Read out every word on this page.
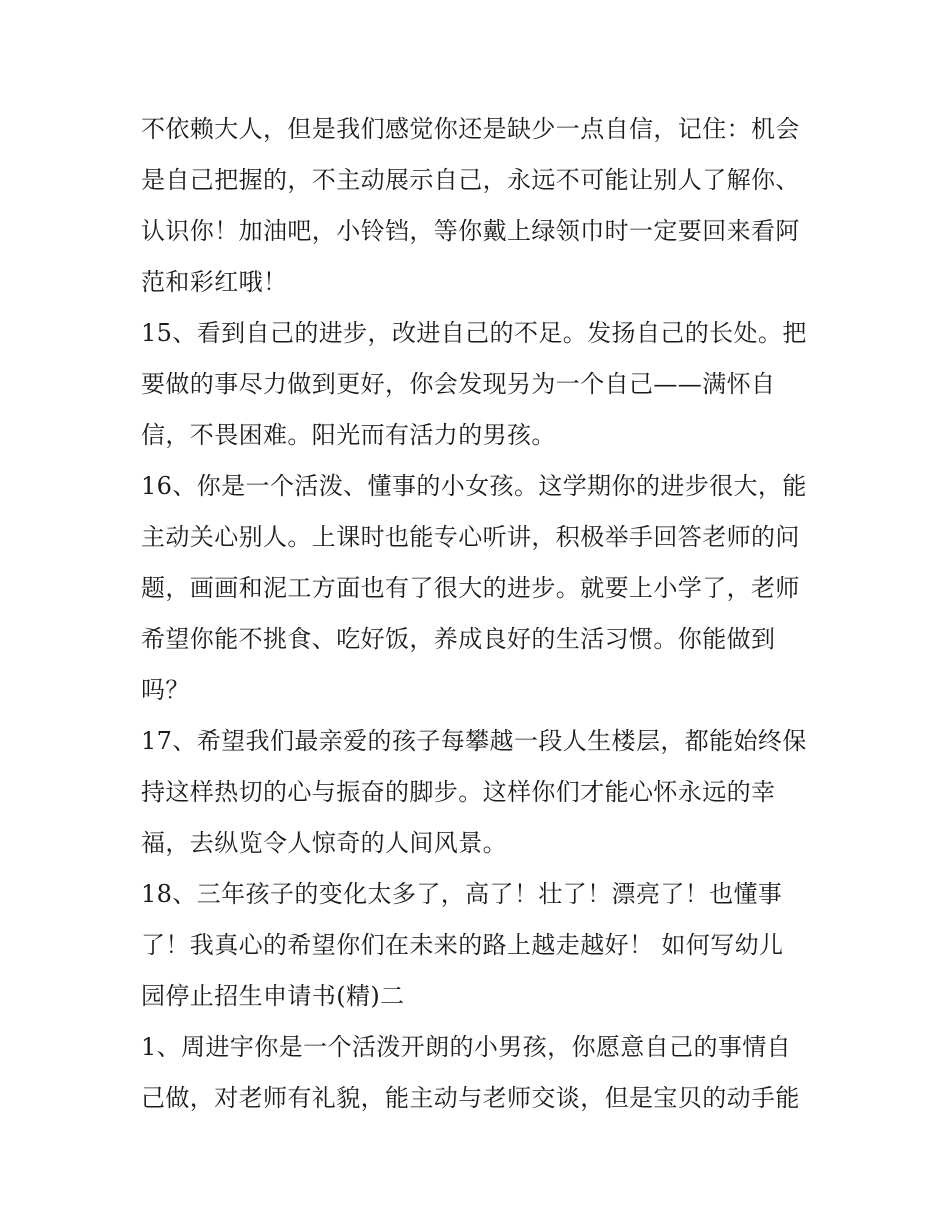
不依赖大人，但是我们感觉你还是缺少一点自信，记住：机会
是自己把握的，不主动展示自己，永远不可能让别人了解你、
认识你！加油吧，小铃铛，等你戴上绿领巾时一定要回来看阿
范和彩红哦！
15、看到自己的进步，改进自己的不足。发扬自己的长处。把
要做的事尽力做到更好，你会发现另为一个自己——满怀自
信，不畏困难。阳光而有活力的男孩。
16、你是一个活泼、懂事的小女孩。这学期你的进步很大，能
主动关心别人。上课时也能专心听讲，积极举手回答老师的问
题，画画和泥工方面也有了很大的进步。就要上小学了，老师
希望你能不挑食、吃好饭，养成良好的生活习惯。你能做到
吗？
17、希望我们最亲爱的孩子每攀越一段人生楼层，都能始终保
持这样热切的心与振奋的脚步。这样你们才能心怀永远的幸
福，去纵览令人惊奇的人间风景。
18、三年孩子的变化太多了，高了！壮了！漂亮了！也懂事
了！我真心的希望你们在未来的路上越走越好！ 如何写幼儿
园停止招生申请书(精)二
1、周进宇你是一个活泼开朗的小男孩，你愿意自己的事情自
己做，对老师有礼貌，能主动与老师交谈，但是宝贝的动手能
